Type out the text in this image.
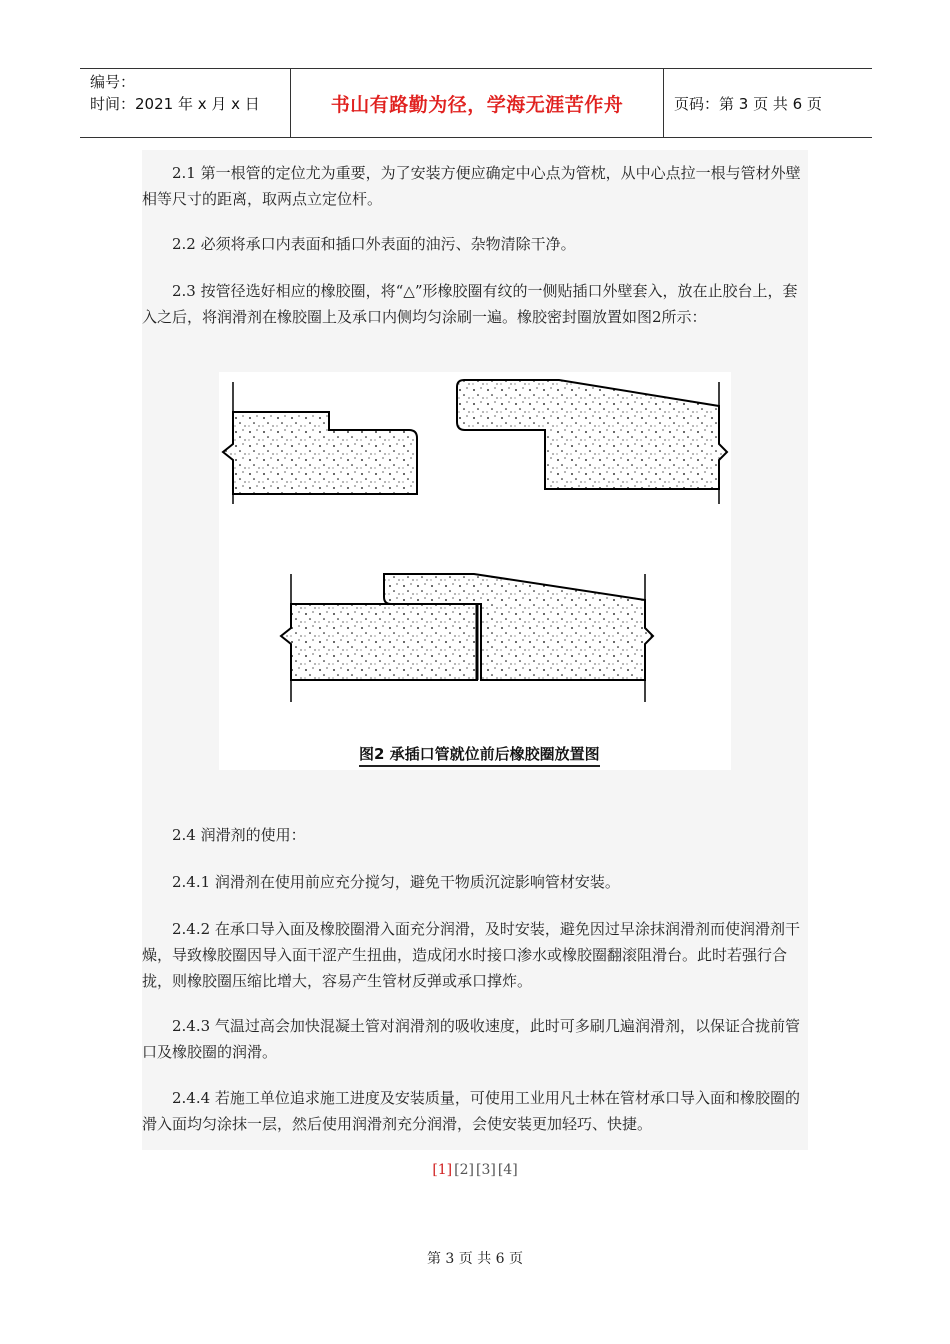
编号：
时间：2021 年 x 月 x 日	书山有路勤为径，学海无涯苦作舟	页码：第 3 页 共 6 页

2.1 第一根管的定位尤为重要，为了安装方便应确定中心点为管枕，从中心点拉一根与管材外壁相等尺寸的距离，取两点立定位杆。

2.2 必须将承口内表面和插口外表面的油污、杂物清除干净。

2.3 按管径选好相应的橡胶圈，将“△”形橡胶圈有纹的一侧贴插口外壁套入，放在止胶台上，套入之后，将润滑剂在橡胶圈上及承口内侧均匀涂刷一遍。橡胶密封圈放置如图2所示：

图2 承插口管就位前后橡胶圈放置图

2.4 润滑剂的使用：

2.4.1 润滑剂在使用前应充分搅匀，避免干物质沉淀影响管材安装。

2.4.2 在承口导入面及橡胶圈滑入面充分润滑，及时安装，避免因过早涂抹润滑剂而使润滑剂干燥，导致橡胶圈因导入面干涩产生扭曲，造成闭水时接口渗水或橡胶圈翻滚阻滑台。此时若强行合拢，则橡胶圈压缩比增大，容易产生管材反弹或承口撑炸。

2.4.3 气温过高会加快混凝土管对润滑剂的吸收速度，此时可多刷几遍润滑剂，以保证合拢前管口及橡胶圈的润滑。

2.4.4 若施工单位追求施工进度及安装质量，可使用工业用凡士林在管材承口导入面和橡胶圈的滑入面均匀涂抹一层，然后使用润滑剂充分润滑，会使安装更加轻巧、快捷。

[1] [2] [3] [4]
第 3 页 共 6 页
